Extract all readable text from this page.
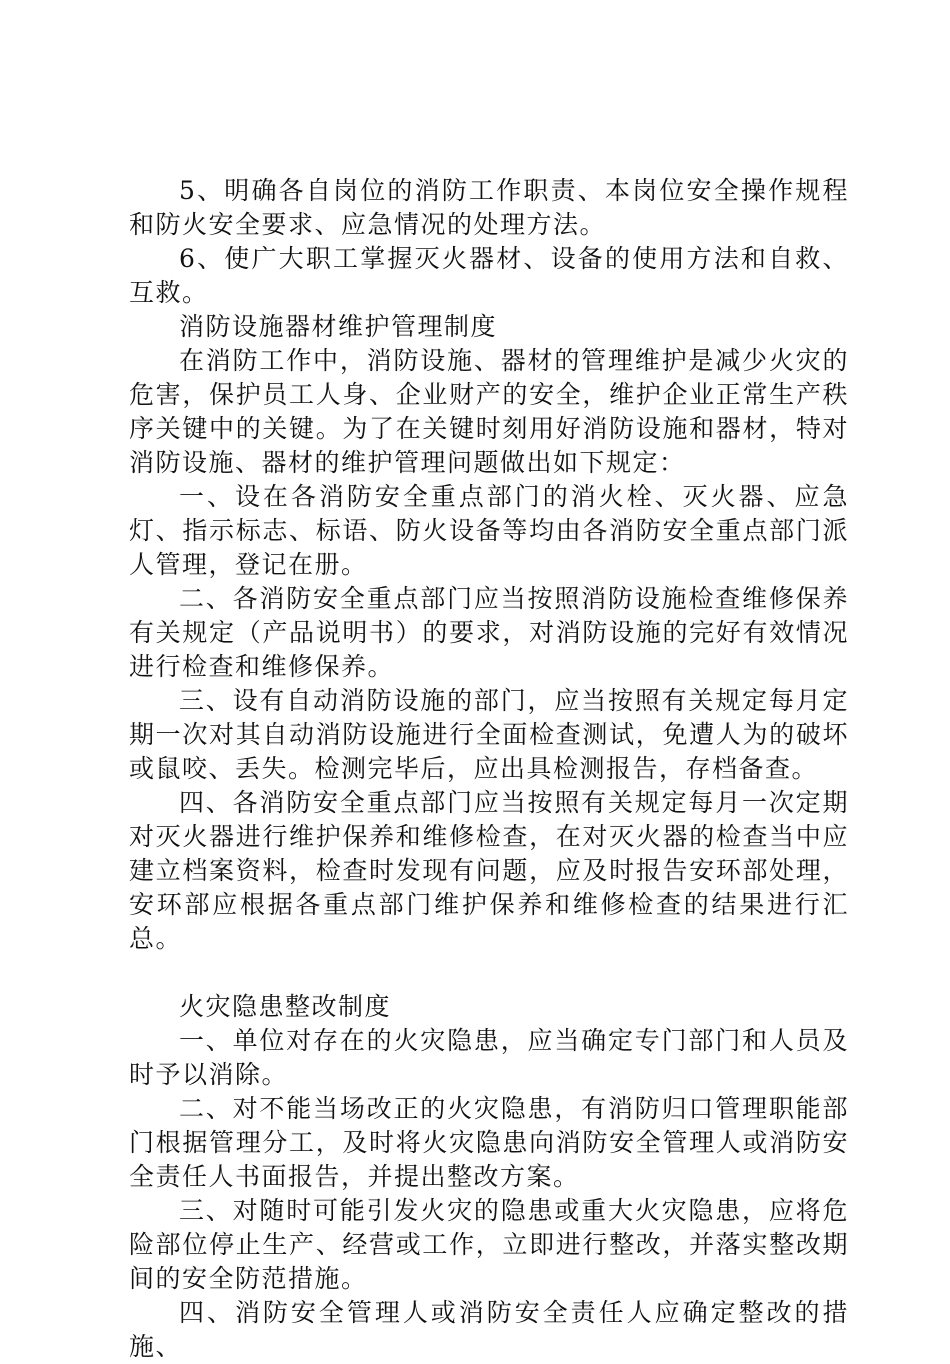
5、明确各自岗位的消防工作职责、本岗位安全操作规程和防火安全要求、应急情况的处理方法。

6、使广大职工掌握灭火器材、设备的使用方法和自救、互救。

消防设施器材维护管理制度

在消防工作中，消防设施、器材的管理维护是减少火灾的危害，保护员工人身、企业财产的安全，维护企业正常生产秩序关键中的关键。为了在关键时刻用好消防设施和器材，特对消防设施、器材的维护管理问题做出如下规定：

一、设在各消防安全重点部门的消火栓、灭火器、应急灯、指示标志、标语、防火设备等均由各消防安全重点部门派人管理，登记在册。

二、各消防安全重点部门应当按照消防设施检查维修保养有关规定（产品说明书）的要求，对消防设施的完好有效情况进行检查和维修保养。

三、设有自动消防设施的部门，应当按照有关规定每月定期一次对其自动消防设施进行全面检查测试，免遭人为的破坏或鼠咬、丢失。检测完毕后，应出具检测报告，存档备查。

四、各消防安全重点部门应当按照有关规定每月一次定期对灭火器进行维护保养和维修检查，在对灭火器的检查当中应建立档案资料，检查时发现有问题，应及时报告安环部处理，安环部应根据各重点部门维护保养和维修检查的结果进行汇总。

火灾隐患整改制度

一、单位对存在的火灾隐患，应当确定专门部门和人员及时予以消除。

二、对不能当场改正的火灾隐患，有消防归口管理职能部门根据管理分工，及时将火灾隐患向消防安全管理人或消防安全责任人书面报告，并提出整改方案。

三、对随时可能引发火灾的隐患或重大火灾隐患，应将危险部位停止生产、经营或工作，立即进行整改，并落实整改期间的安全防范措施。

四、消防安全管理人或消防安全责任人应确定整改的措施、
